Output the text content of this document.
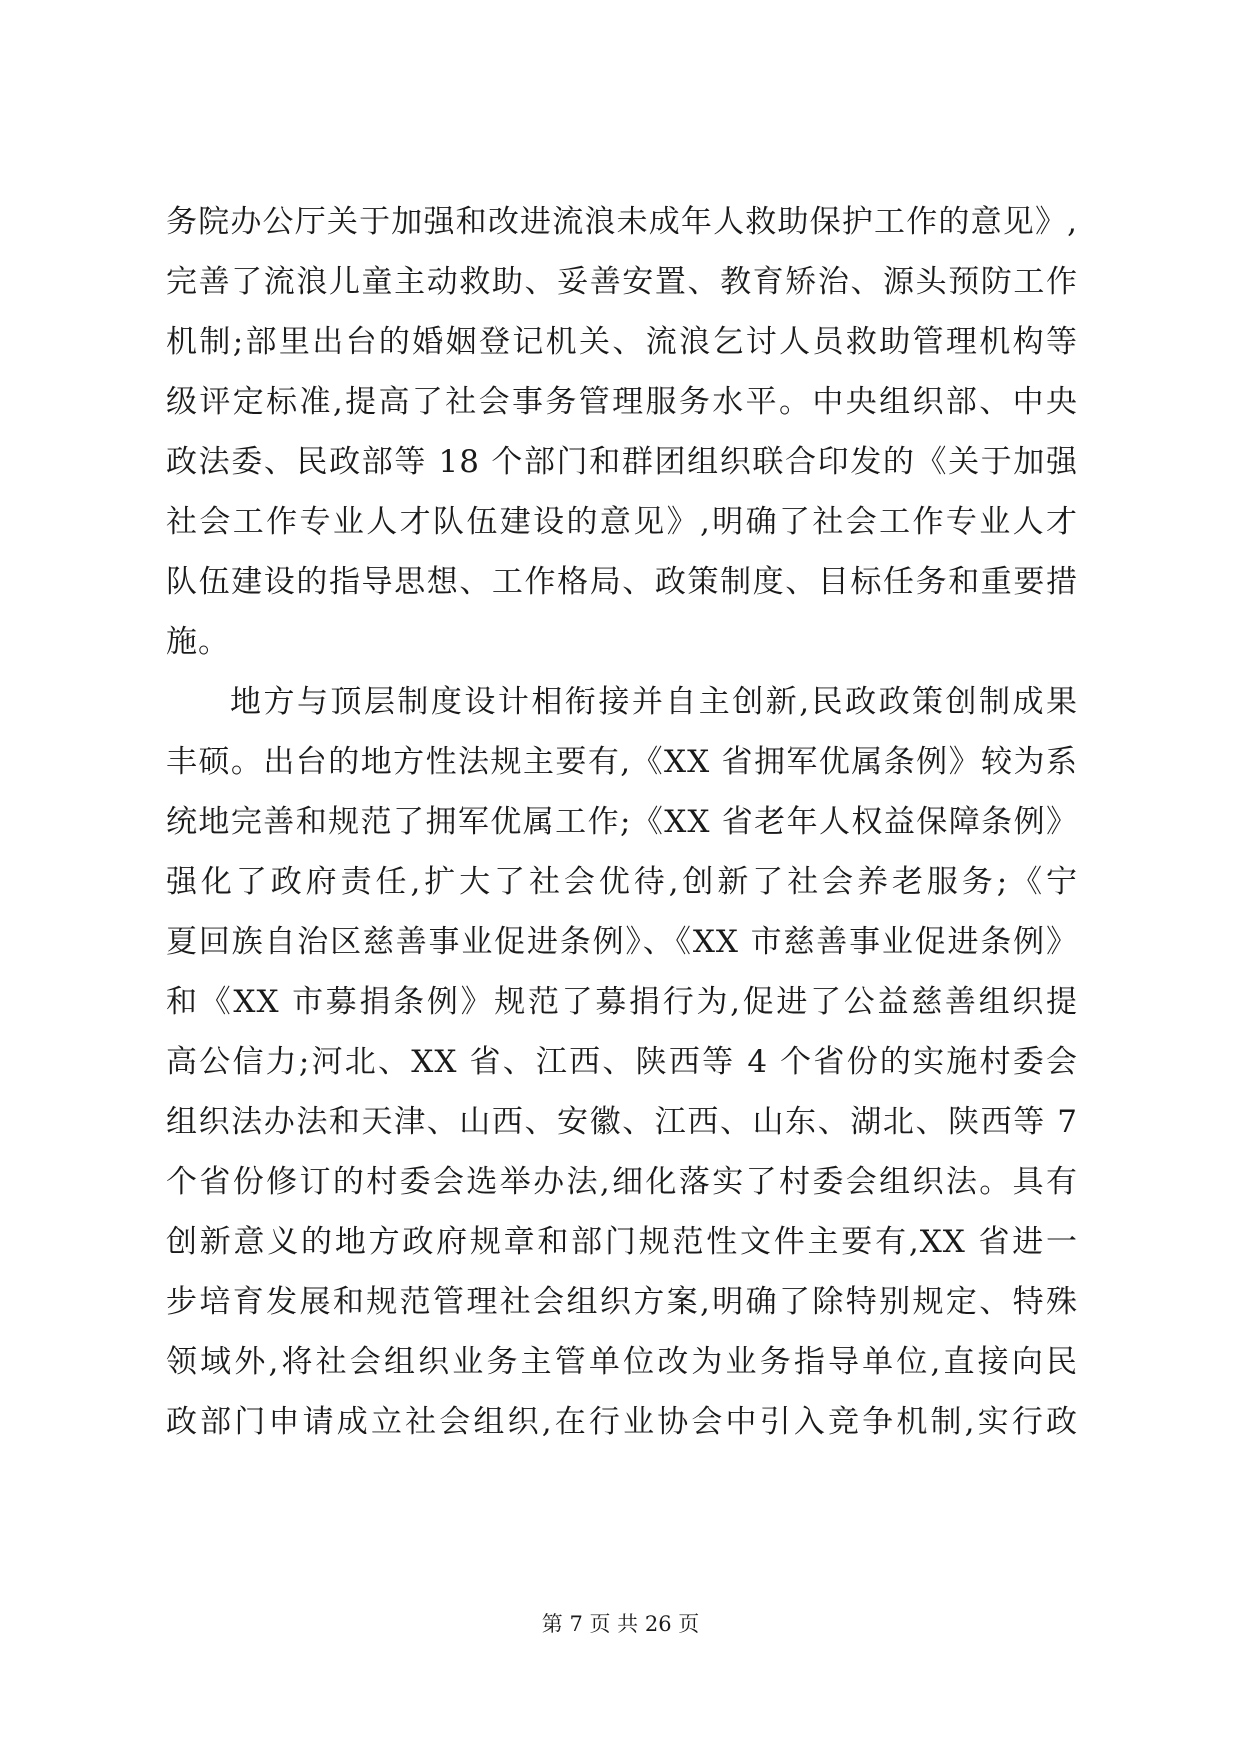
务院办公厅关于加强和改进流浪未成年人救助保护工作的意见》,
完善了流浪儿童主动救助、妥善安置、教育矫治、源头预防工作
机制;部里出台的婚姻登记机关、流浪乞讨人员救助管理机构等
级评定标准,提高了社会事务管理服务水平。中央组织部、中央
政法委、民政部等 18 个部门和群团组织联合印发的《关于加强
社会工作专业人才队伍建设的意见》,明确了社会工作专业人才
队伍建设的指导思想、工作格局、政策制度、目标任务和重要措
施。
地方与顶层制度设计相衔接并自主创新,民政政策创制成果
丰硕。出台的地方性法规主要有,《XX 省拥军优属条例》较为系
统地完善和规范了拥军优属工作;《XX 省老年人权益保障条例》
强化了政府责任,扩大了社会优待,创新了社会养老服务;《宁
夏回族自治区慈善事业促进条例》、《XX 市慈善事业促进条例》
和《XX 市募捐条例》规范了募捐行为,促进了公益慈善组织提
高公信力;河北、XX 省、江西、陕西等 4 个省份的实施村委会
组织法办法和天津、山西、安徽、江西、山东、湖北、陕西等 7
个省份修订的村委会选举办法,细化落实了村委会组织法。具有
创新意义的地方政府规章和部门规范性文件主要有,XX 省进一
步培育发展和规范管理社会组织方案,明确了除特别规定、特殊
领域外,将社会组织业务主管单位改为业务指导单位,直接向民
政部门申请成立社会组织,在行业协会中引入竞争机制,实行政
第 7 页 共 26 页
